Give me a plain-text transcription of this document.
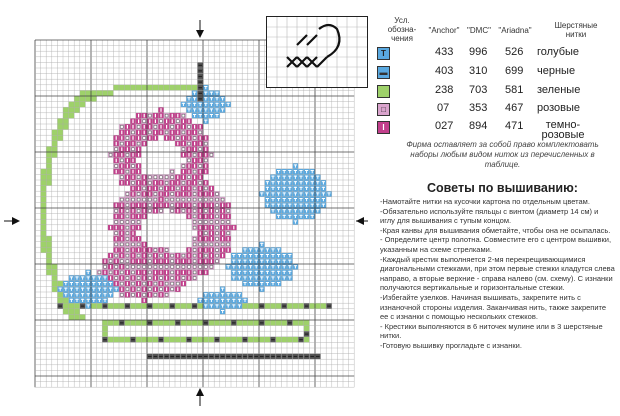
Усл. обозна-чения
"Anchor" "DMC" "Ariadna"
Шерстяные нитки
T	433 996 526 голубые
▬	403 310 699 черные
238 703 581 зеленые
□	07 353 467 розовые
I	027 894 471	темно-розовые
Фирма оставляет за собой право комплектовать наборы любым видом ниток из перечисленных в таблице.
Советы по вышиванию:

-Намотайте нитки на кусочки картона по отдельным цветам.

-Обязательно используйте пяльцы с винтом (диаметр 14 см) и иглу для вышивания с тупым концом.

-Края канвы для вышивания обметайте, чтобы она не осыпалась.

- Определите центр полотна. Совместите его с центром вышивки, указанным на схеме стрелками.

-Каждый крестик выполняется 2-мя перекрещивающимися диагональными стежками, при этом первые стежки кладутся слева направо, а вторые верхние - справа налево (см. схему). С изнанки получаются вертикальные и горизонтальные стежки.

-Избегайте узелков. Начиная вышивать, закрепите нить с изнаночной стороны изделия. Заканчивая нить, также закрепите ее с изнанки с помощью нескольких стежков.

- Крестики выполняются в 6 ниточек мулине или в 3 шерстяные нитки.

-Готовую вышивку прогладьте с изнанки.
